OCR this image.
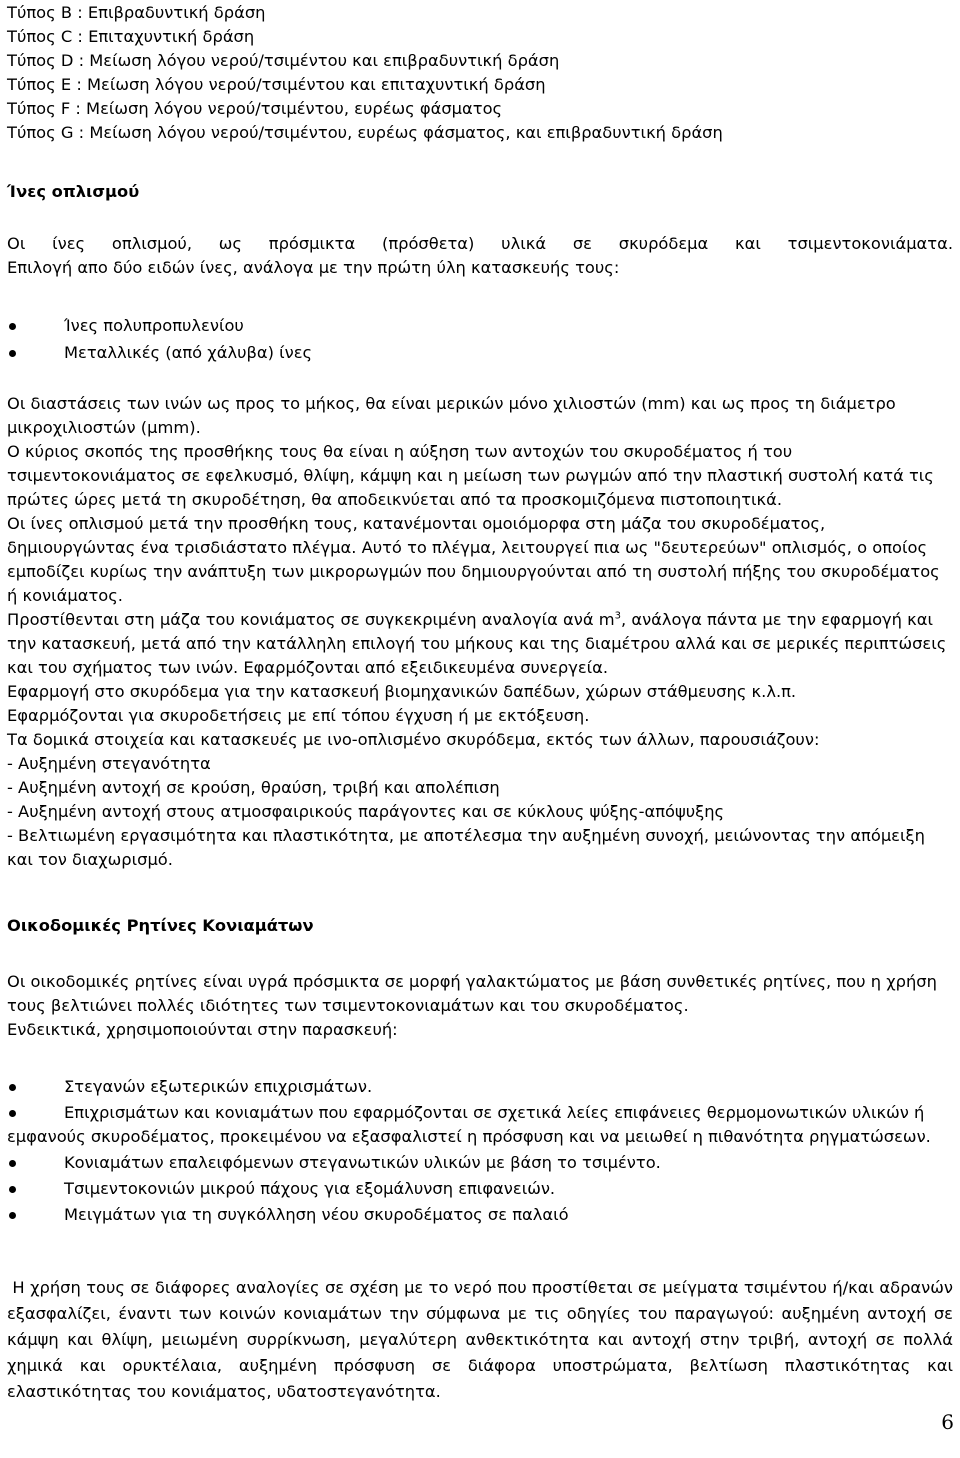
Τύπος B : Επιβραδυντική δράση

Τύπος C : Επιταχυντική δράση

Τύπος D : Μείωση λόγου νερού/τσιμέντου και επιβραδυντική δράση

Τύπος E : Μείωση λόγου νερού/τσιμέντου και επιταχυντική δράση

Τύπος F : Μείωση λόγου νερού/τσιμέντου, ευρέως φάσματος

Τύπος G : Μείωση λόγου νερού/τσιμέντου, ευρέως φάσματος, και επιβραδυντική δράση

Ίνες οπλισμού

Οι ίνες οπλισμού, ως πρόσμικτα (πρόσθετα) υλικά σε σκυρόδεμα και τσιμεντοκονιάματα.

Επιλογή απο δύο ειδών ίνες, ανάλογα με την πρώτη ύλη κατασκευής τους:

Ίνες πολυπροπυλενίου
Μεταλλικές (από χάλυβα) ίνες

Οι διαστάσεις των ινών ως προς το μήκος, θα είναι μερικών μόνο χιλιοστών (mm) και ως προς τη διάμετρο μικροχιλιοστών (μmm).

Ο κύριος σκοπός της προσθήκης τους θα είναι η αύξηση των αντοχών του σκυροδέματος ή του τσιμεντοκονιάματος σε εφελκυσμό, θλίψη, κάμψη και η μείωση των ρωγμών από την πλαστική συστολή κατά τις πρώτες ώρες μετά τη σκυροδέτηση, θα αποδεικνύεται από τα προσκομιζόμενα πιστοποιητικά.

Οι ίνες οπλισμού μετά την προσθήκη τους, κατανέμονται ομοιόμορφα στη μάζα του σκυροδέματος, δημιουργώντας ένα τρισδιάστατο πλέγμα. Αυτό το πλέγμα, λειτουργεί πια ως "δευτερεύων" οπλισμός, ο οποίος εμποδίζει κυρίως την ανάπτυξη των μικρορωγμών που δημιουργούνται από τη συστολή πήξης του σκυροδέματος ή κονιάματος.

Προστίθενται στη μάζα του κονιάματος σε συγκεκριμένη αναλογία ανά $m^3$, ανάλογα πάντα με την εφαρμογή και την κατασκευή, μετά από την κατάλληλη επιλογή του μήκους και της διαμέτρου αλλά και σε μερικές περιπτώσεις και του σχήματος των ινών. Εφαρμόζονται από εξειδικευμένα συνεργεία.

Εφαρμογή στο σκυρόδεμα για την κατασκευή βιομηχανικών δαπέδων, χώρων στάθμευσης κ.λ.π.

Εφαρμόζονται για σκυροδετήσεις με επί τόπου έγχυση ή με εκτόξευση.

Τα δομικά στοιχεία και κατασκευές με ινο-οπλισμένο σκυρόδεμα, εκτός των άλλων, παρουσιάζουν:

- Αυξημένη στεγανότητα

- Αυξημένη αντοχή σε κρούση, θραύση, τριβή και απολέπιση

- Αυξημένη αντοχή στους ατμοσφαιρικούς παράγοντες και σε κύκλους ψύξης-απόψυξης

- Βελτιωμένη εργασιμότητα και πλαστικότητα, με αποτέλεσμα την αυξημένη συνοχή, μειώνοντας την απόμειξη και τον διαχωρισμό.

Οικοδομικές Ρητίνες Κονιαμάτων

Οι οικοδομικές ρητίνες είναι υγρά πρόσμικτα σε μορφή γαλακτώματος με βάση συνθετικές ρητίνες, που η χρήση τους βελτιώνει πολλές ιδιότητες των τσιμεντοκονιαμάτων και του σκυροδέματος.

Ενδεικτικά, χρησιμοποιούνται στην παρασκευή:

Στεγανών εξωτερικών επιχρισμάτων.
Επιχρισμάτων και κονιαμάτων που εφαρμόζονται σε σχετικά λείες επιφάνειες θερμομονωτικών υλικών ή εμφανούς σκυροδέματος, προκειμένου να εξασφαλιστεί η πρόσφυση και να μειωθεί η πιθανότητα ρηγματώσεων.
Κονιαμάτων επαλειφόμενων στεγανωτικών υλικών με βάση το τσιμέντο.
Τσιμεντοκονιών μικρού πάχους για εξομάλυνση επιφανειών.
Μειγμάτων για τη συγκόλληση νέου σκυροδέματος σε παλαιό

Η χρήση τους σε διάφορες αναλογίες σε σχέση με το νερό που προστίθεται σε μείγματα τσιμέντου ή/και αδρανών εξασφαλίζει, έναντι των κοινών κονιαμάτων την σύμφωνα με τις οδηγίες του παραγωγού: αυξημένη αντοχή σε κάμψη και θλίψη, μειωμένη συρρίκνωση, μεγαλύτερη ανθεκτικότητα και αντοχή στην τριβή, αντοχή σε πολλά χημικά και ορυκτέλαια, αυξημένη πρόσφυση σε διάφορα υποστρώματα, βελτίωση πλαστικότητας και ελαστικότητας του κονιάματος, υδατοστεγανότητα.

6
